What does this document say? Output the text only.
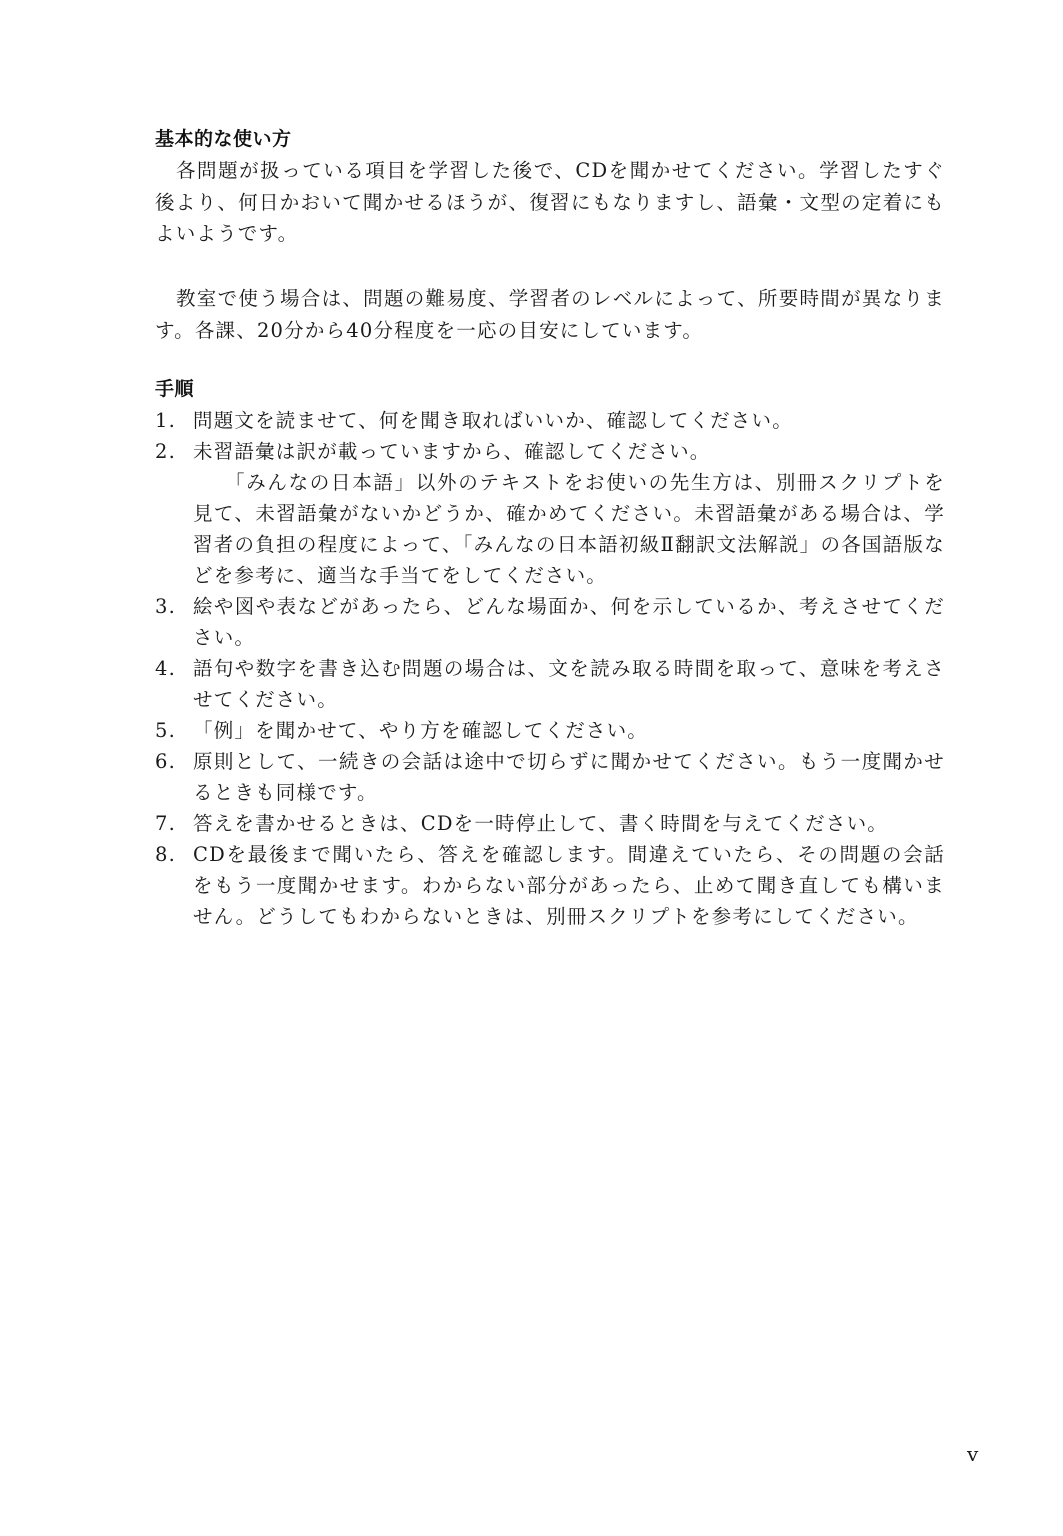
基本的な使い方

各問題が扱っている項目を学習した後で、CDを聞かせてください。学習したすぐ後より、何日かおいて聞かせるほうが、復習にもなりますし、語彙・文型の定着にもよいようです。

教室で使う場合は、問題の難易度、学習者のレベルによって、所要時間が異なります。各課、20分から40分程度を一応の目安にしています。

手順
1. 問題文を読ませて、何を聞き取ればいいか、確認してください。
2. 未習語彙は訳が載っていますから、確認してください。
「みんなの日本語」以外のテキストをお使いの先生方は、別冊スクリプトを見て、未習語彙がないかどうか、確かめてください。未習語彙がある場合は、学習者の負担の程度によって、「みんなの日本語初級Ⅱ翻訳文法解説」の各国語版などを参考に、適当な手当てをしてください。
3. 絵や図や表などがあったら、どんな場面か、何を示しているか、考えさせてください。
4. 語句や数字を書き込む問題の場合は、文を読み取る時間を取って、意味を考えさせてください。
5. 「例」を聞かせて、やり方を確認してください。
6. 原則として、一続きの会話は途中で切らずに聞かせてください。もう一度聞かせるときも同様です。
7. 答えを書かせるときは、CDを一時停止して、書く時間を与えてください。
8. CDを最後まで聞いたら、答えを確認します。間違えていたら、その問題の会話をもう一度聞かせます。わからない部分があったら、止めて聞き直しても構いません。どうしてもわからないときは、別冊スクリプトを参考にしてください。
v
